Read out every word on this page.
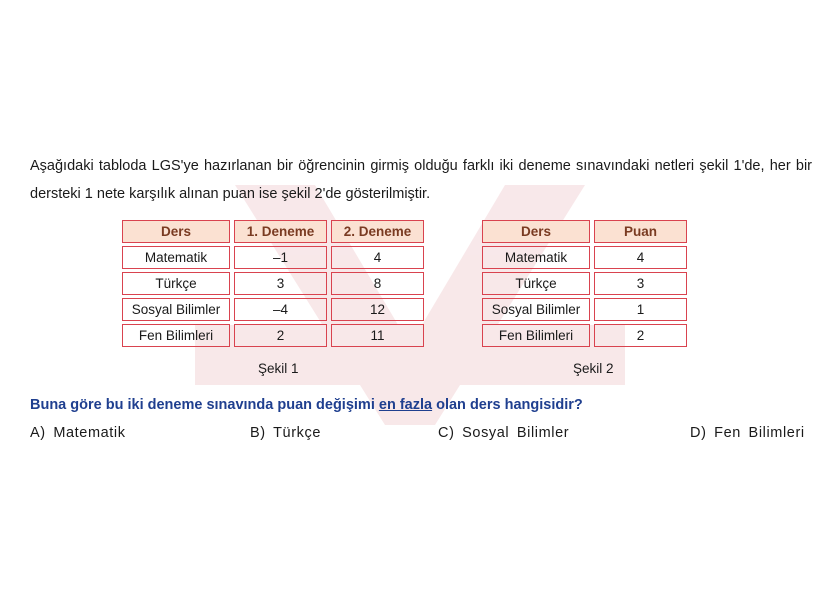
Aşağıdaki tabloda LGS'ye hazırlanan bir öğrencinin girmiş olduğu farklı iki deneme sınavındaki netleri şekil 1'de, her bir dersteki 1 nete karşılık alınan puan ise şekil 2'de gösterilmiştir.
Ders	1. Deneme	2. Deneme
Matematik	–1	4
Türkçe	3	8
Sosyal Bilimler	–4	12
Fen Bilimleri	2	11
Ders	Puan
Matematik	4
Türkçe	3
Sosyal Bilimler	1
Fen Bilimleri	2
Şekil 1	Şekil 2
Buna göre bu iki deneme sınavında puan değişimi en fazla olan ders hangisidir?
A) Matematik	B) Türkçe	C) Sosyal Bilimler	D) Fen Bilimleri
